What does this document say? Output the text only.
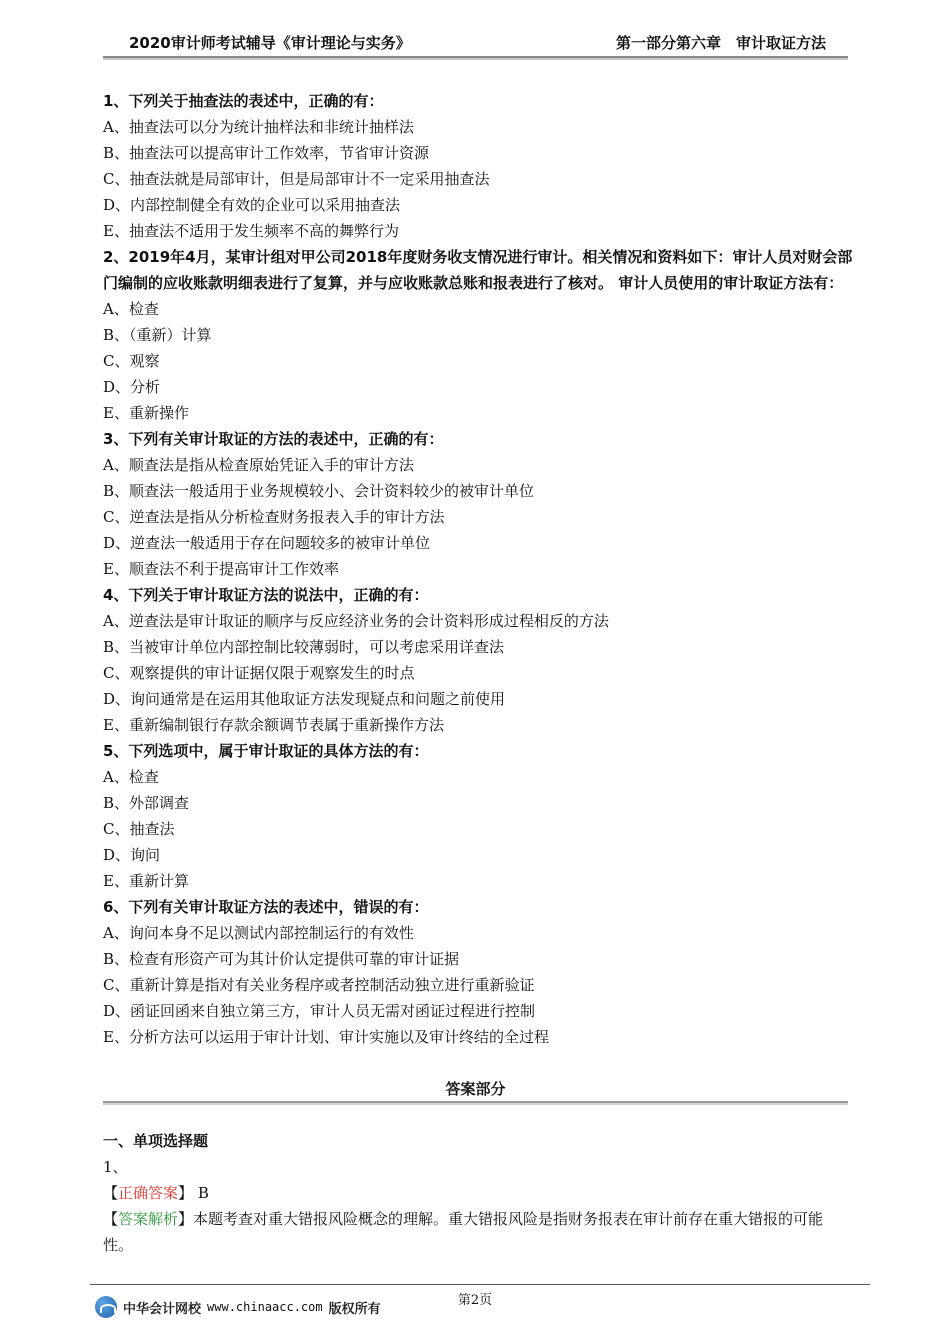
2020审计师考试辅导《审计理论与实务》	第一部分第六章　审计取证方法
1、下列关于抽查法的表述中，正确的有：
A、抽查法可以分为统计抽样法和非统计抽样法
B、抽查法可以提高审计工作效率，节省审计资源
C、抽查法就是局部审计，但是局部审计不一定采用抽查法
D、内部控制健全有效的企业可以采用抽查法
E、抽查法不适用于发生频率不高的舞弊行为
2、2019年4月，某审计组对甲公司2018年度财务收支情况进行审计。相关情况和资料如下：审计人员对财会部门编制的应收账款明细表进行了复算，并与应收账款总账和报表进行了核对。 审计人员使用的审计取证方法有：
A、检查
B、（重新）计算
C、观察
D、分析
E、重新操作
3、下列有关审计取证的方法的表述中，正确的有：
A、顺查法是指从检查原始凭证入手的审计方法
B、顺查法一般适用于业务规模较小、会计资料较少的被审计单位
C、逆查法是指从分析检查财务报表入手的审计方法
D、逆查法一般适用于存在问题较多的被审计单位
E、顺查法不利于提高审计工作效率
4、下列关于审计取证方法的说法中，正确的有：
A、逆查法是审计取证的顺序与反应经济业务的会计资料形成过程相反的方法
B、当被审计单位内部控制比较薄弱时，可以考虑采用详查法
C、观察提供的审计证据仅限于观察发生的时点
D、询问通常是在运用其他取证方法发现疑点和问题之前使用
E、重新编制银行存款余额调节表属于重新操作方法
5、下列选项中，属于审计取证的具体方法的有：
A、检查
B、外部调查
C、抽查法
D、询问
E、重新计算
6、下列有关审计取证方法的表述中，错误的有：
A、询问本身不足以测试内部控制运行的有效性
B、检查有形资产可为其计价认定提供可靠的审计证据
C、重新计算是指对有关业务程序或者控制活动独立进行重新验证
D、函证回函来自独立第三方，审计人员无需对函证过程进行控制
E、分析方法可以运用于审计计划、审计实施以及审计终结的全过程
答案部分
一、单项选择题
1、
【正确答案】 B
【答案解析】本题考查对重大错报风险概念的理解。重大错报风险是指财务报表在审计前存在重大错报的可能性。
第2页
中华会计网校 www.chinaacc.com 版权所有
